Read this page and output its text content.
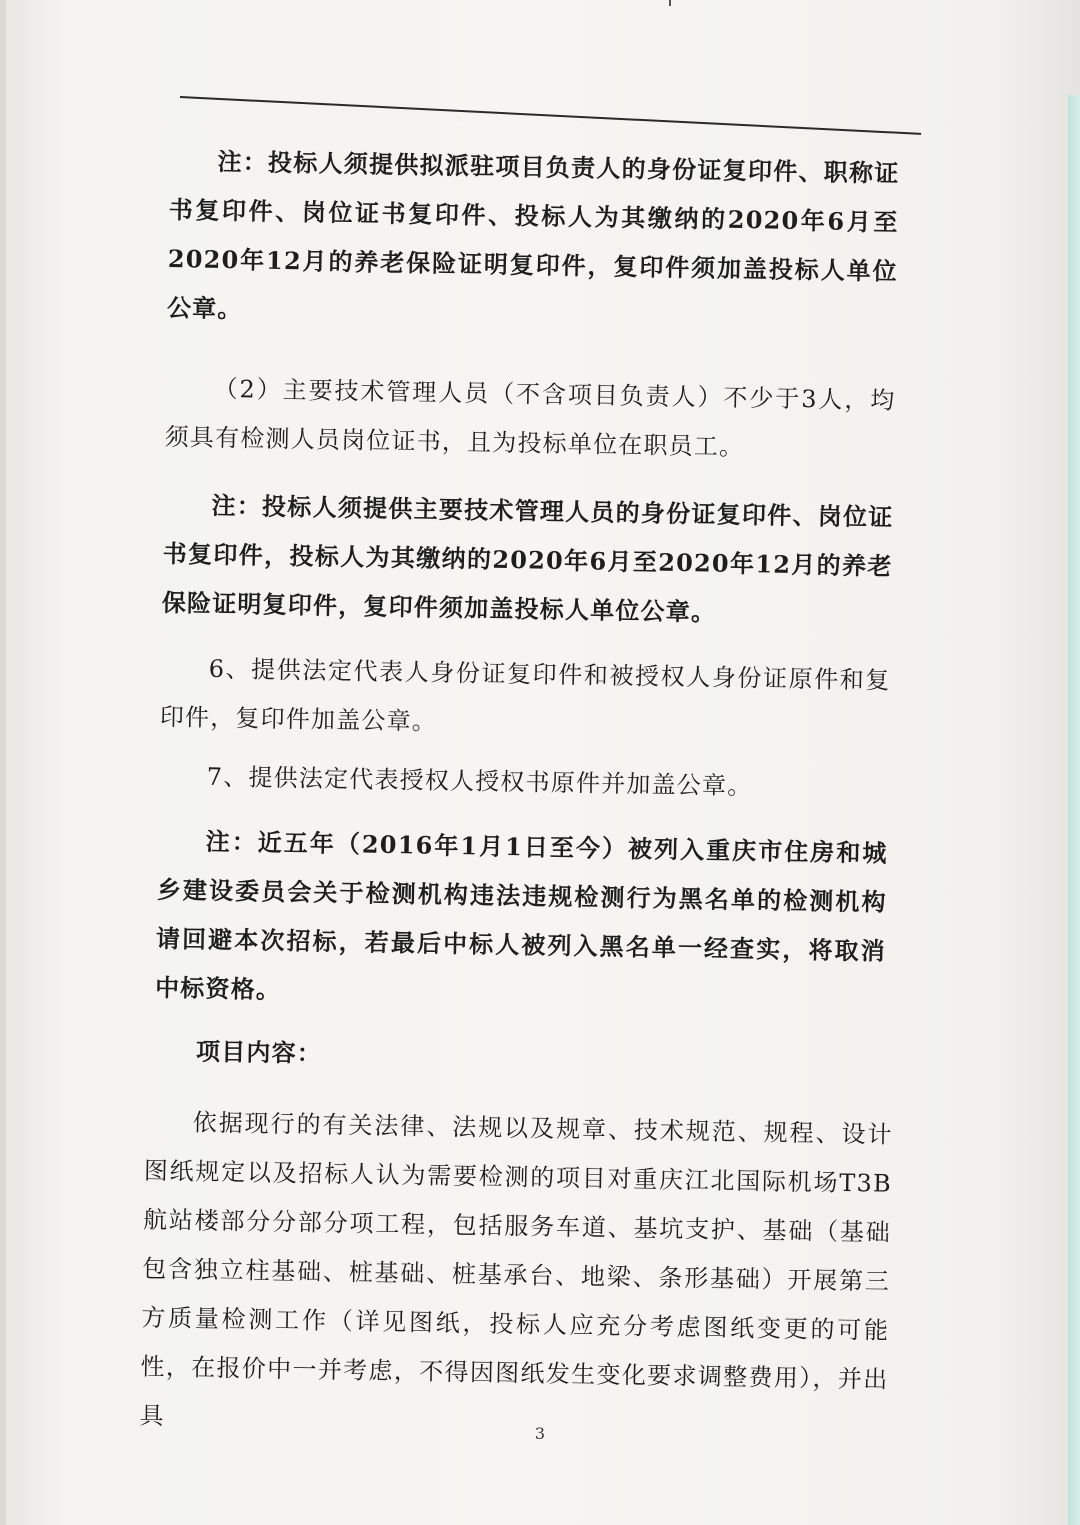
注：投标人须提供拟派驻项目负责人的身份证复印件、职称证书复印件、岗位证书复印件、投标人为其缴纳的2020年6月至2020年12月的养老保险证明复印件，复印件须加盖投标人单位公章。

（2）主要技术管理人员（不含项目负责人）不少于3人，均须具有检测人员岗位证书，且为投标单位在职员工。

注：投标人须提供主要技术管理人员的身份证复印件、岗位证书复印件，投标人为其缴纳的2020年6月至2020年12月的养老保险证明复印件，复印件须加盖投标人单位公章。

6、提供法定代表人身份证复印件和被授权人身份证原件和复印件，复印件加盖公章。

7、提供法定代表授权人授权书原件并加盖公章。

注：近五年（2016年1月1日至今）被列入重庆市住房和城乡建设委员会关于检测机构违法违规检测行为黑名单的检测机构请回避本次招标，若最后中标人被列入黑名单一经查实，将取消中标资格。

项目内容：

依据现行的有关法律、法规以及规章、技术规范、规程、设计图纸规定以及招标人认为需要检测的项目对重庆江北国际机场T3B航站楼部分分部分项工程，包括服务车道、基坑支护、基础（基础包含独立柱基础、桩基础、桩基承台、地梁、条形基础）开展第三方质量检测工作（详见图纸，投标人应充分考虑图纸变更的可能性，在报价中一并考虑，不得因图纸发生变化要求调整费用），并出具

3
